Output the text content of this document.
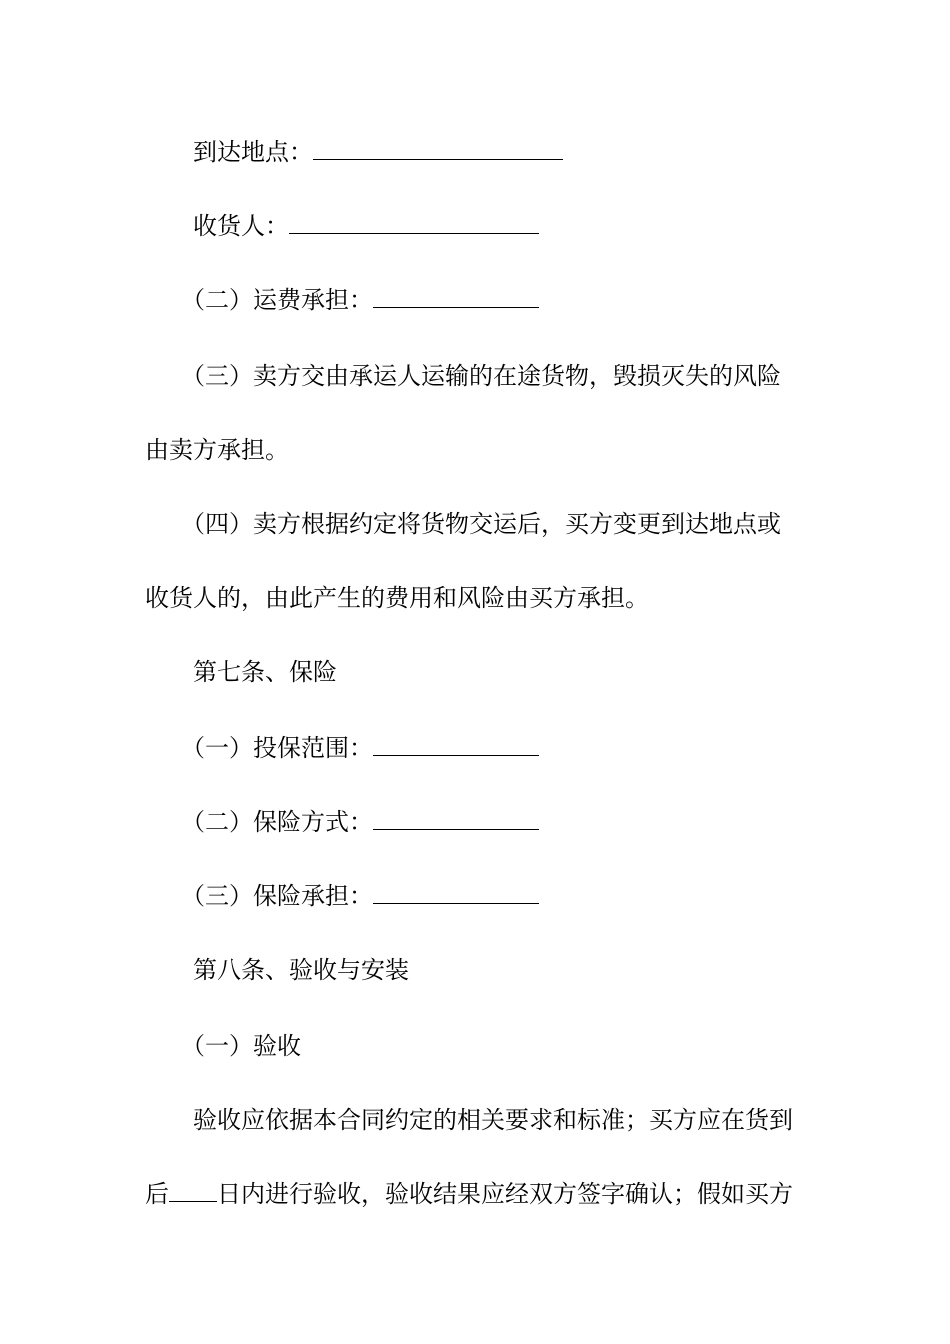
到达地点：
收货人：
（二）运费承担：
（三）卖方交由承运人运输的在途货物，毁损灭失的风险
由卖方承担。
（四）卖方根据约定将货物交运后，买方变更到达地点或
收货人的，由此产生的费用和风险由买方承担。
第七条、保险
（一）投保范围：
（二）保险方式：
（三）保险承担：
第八条、验收与安装
（一）验收
验收应依据本合同约定的相关要求和标准；买方应在货到
后 日内进行验收，验收结果应经双方签字确认；假如买方
